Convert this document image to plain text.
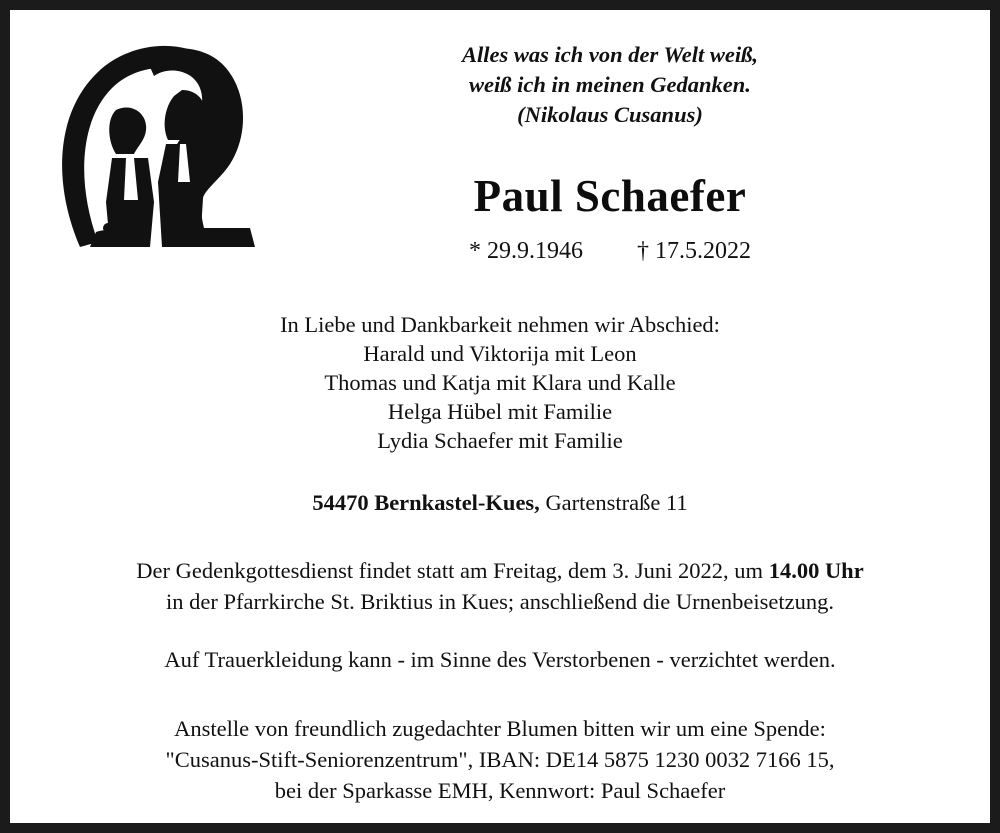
Alles was ich von der Welt weiß,
weiß ich in meinen Gedanken.
(Nikolaus Cusanus)
Paul Schaefer
* 29.9.1946 † 17.5.2022
In Liebe und Dankbarkeit nehmen wir Abschied:
Harald und Viktorija mit Leon
Thomas und Katja mit Klara und Kalle
Helga Hübel mit Familie
Lydia Schaefer mit Familie
54470 Bernkastel-Kues, Gartenstraße 11
Der Gedenkgottesdienst findet statt am Freitag, dem 3. Juni 2022, um 14.00 Uhr
in der Pfarrkirche St. Briktius in Kues; anschließend die Urnenbeisetzung.
Auf Trauerkleidung kann - im Sinne des Verstorbenen - verzichtet werden.
Anstelle von freundlich zugedachter Blumen bitten wir um eine Spende:
"Cusanus-Stift-Seniorenzentrum", IBAN: DE14 5875 1230 0032 7166 15,
bei der Sparkasse EMH, Kennwort: Paul Schaefer
